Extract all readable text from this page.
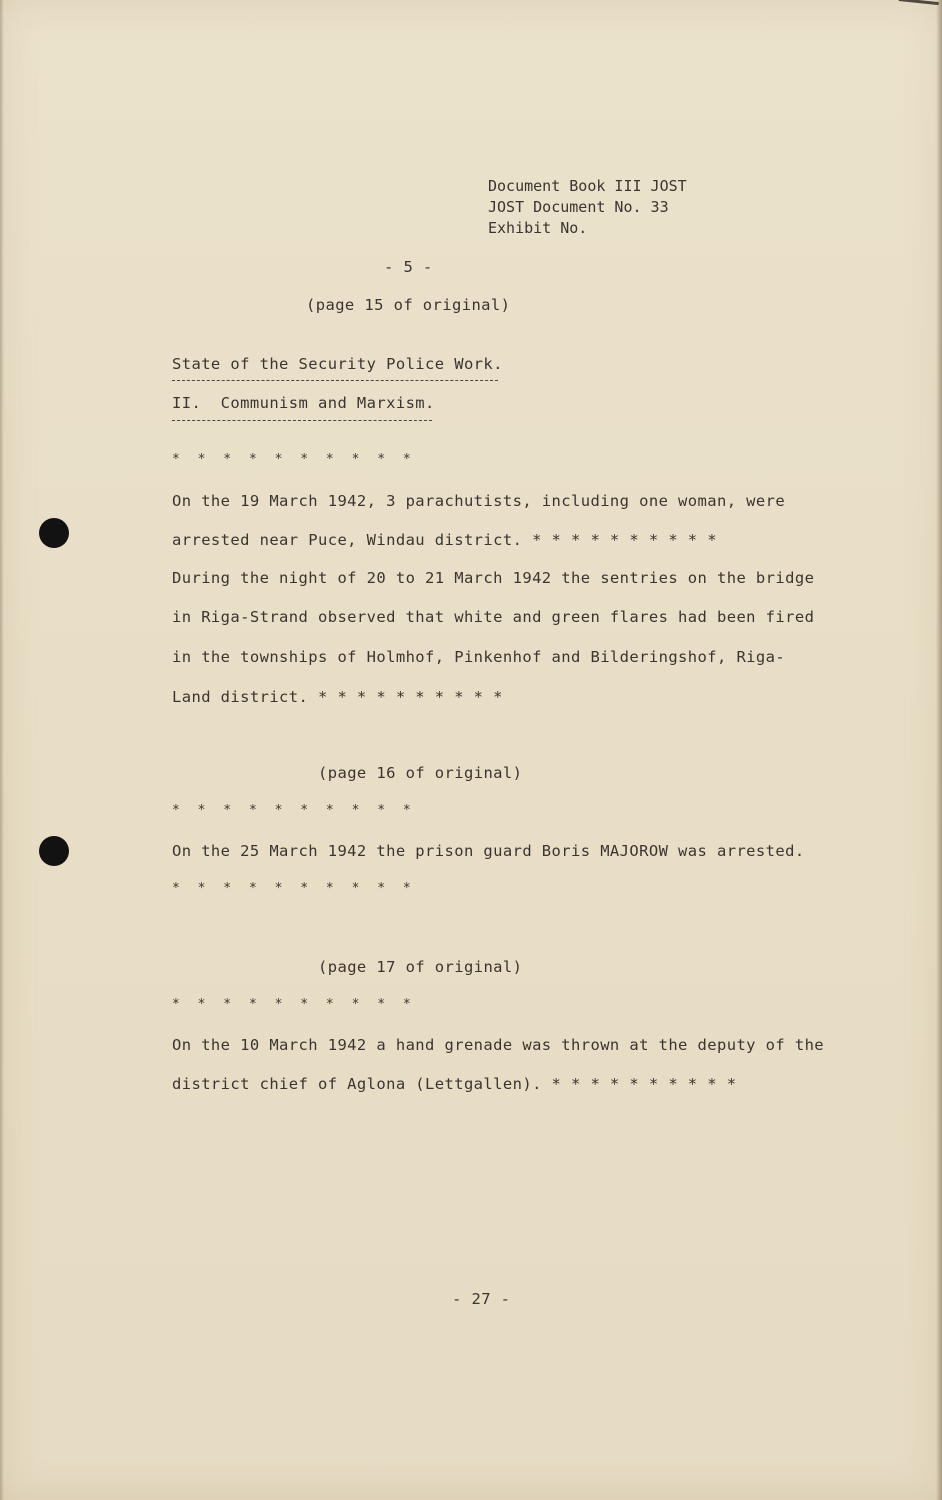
Document Book III JOST
JOST Document No. 33
Exhibit No.
- 5 -
(page 15 of original)
State of the Security Police Work.
II.  Communism and Marxism.
* * * * * * * * * *
On the 19 March 1942, 3 parachutists, including one woman, were
arrested near Puce, Windau district. * * * * * * * * * *
During the night of 20 to 21 March 1942 the sentries on the bridge
in Riga-Strand observed that white and green flares had been fired
in the townships of Holmhof, Pinkenhof and Bilderingshof, Riga-
Land district. * * * * * * * * * *
(page 16 of original)
* * * * * * * * * *
On the 25 March 1942 the prison guard Boris MAJOROW was arrested.
* * * * * * * * * *
(page 17 of original)
* * * * * * * * * *
On the 10 March 1942 a hand grenade was thrown at the deputy of the
district chief of Aglona (Lettgallen). * * * * * * * * * *
- 27 -
